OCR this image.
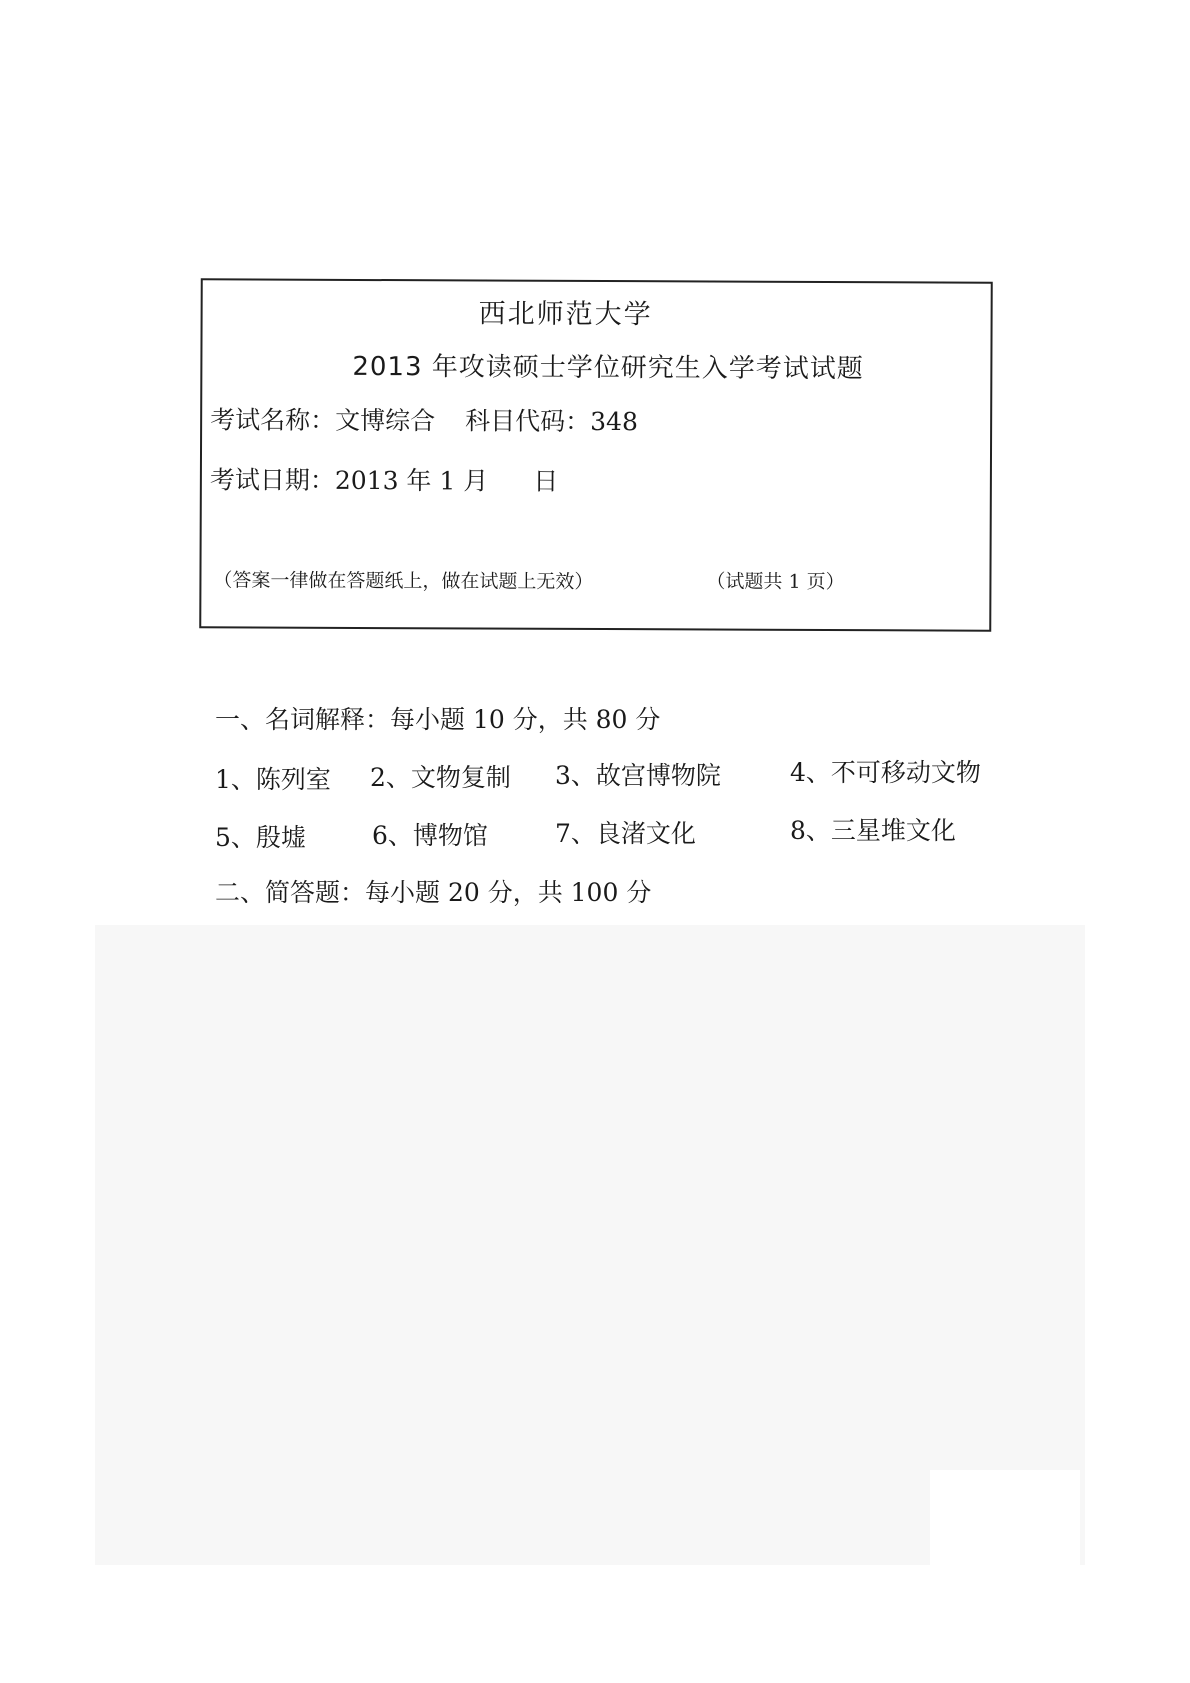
西北师范大学
2013 年攻读硕士学位研究生入学考试试题
考试名称：文博综合 科目代码：348
考试日期：2013 年 1 月 日
（答案一律做在答题纸上，做在试题上无效）	（试题共 1 页）
一、名词解释：每小题 10 分，共 80 分
1、陈列室 2、文物复制 3、故宫博物院	4、不可移动文物
5、殷墟	6、博物馆	7、良渚文化	8、三星堆文化
二、简答题：每小题 20 分，共 100 分
